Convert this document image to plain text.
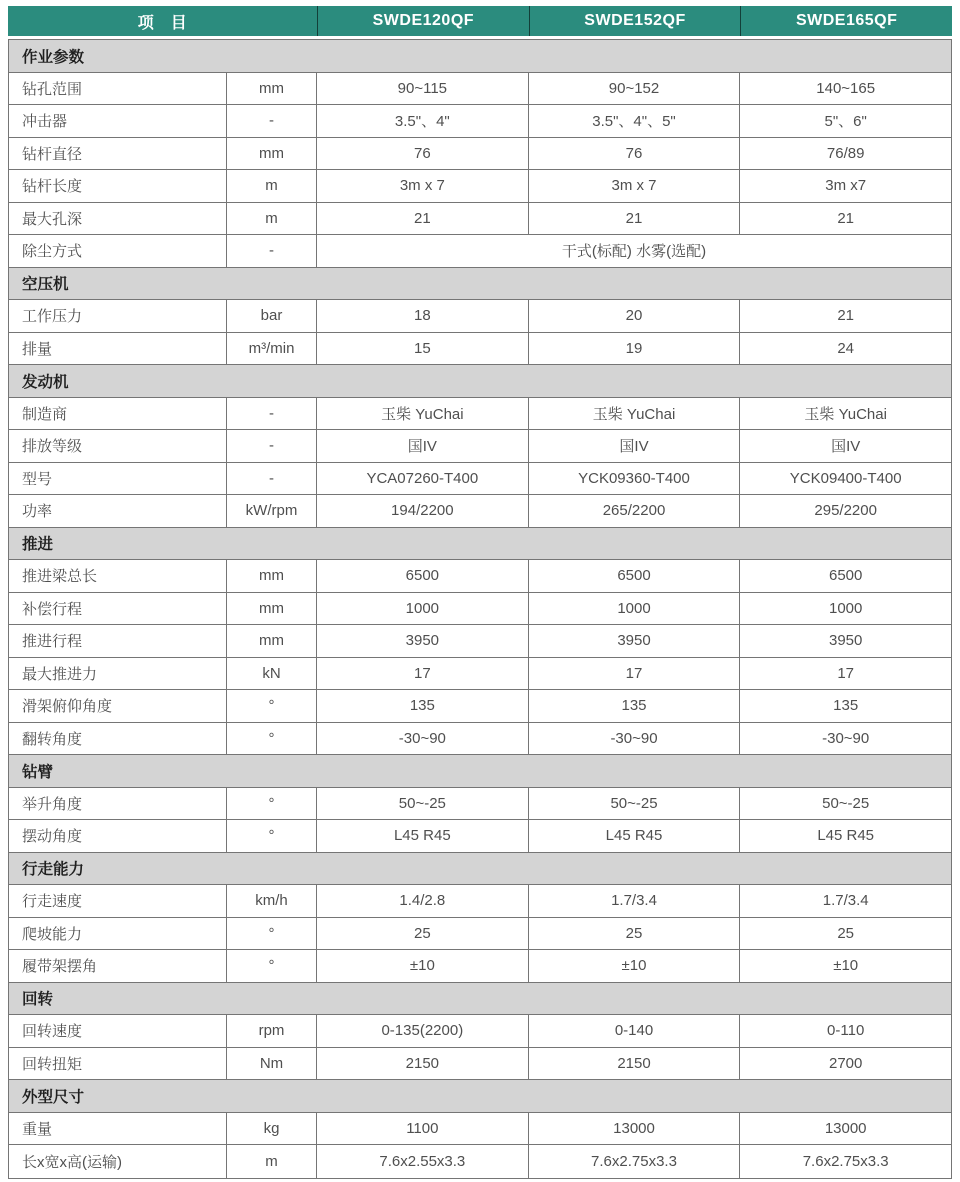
项　目	SWDE120QF	SWDE152QF	SWDE165QF
作业参数
钻孔范围	mm	90~115	90~152	140~165
冲击器	-	3.5"、4"	3.5"、4"、5"	5"、6"
钻杆直径	mm	76	76	76/89
钻杆长度	m	3m x 7	3m x 7	3m x7
最大孔深	m	21	21	21
除尘方式	-	干式(标配) 水雾(选配)
空压机
工作压力	bar	18	20	21
排量	m³/min	15	19	24
发动机
制造商	-	玉柴 YuChai	玉柴 YuChai	玉柴 YuChai
排放等级	-	国IV	国IV	国IV
型号	-	YCA07260-T400	YCK09360-T400	YCK09400-T400
功率	kW/rpm	194/2200	265/2200	295/2200
推进
推进梁总长	mm	6500	6500	6500
补偿行程	mm	1000	1000	1000
推进行程	mm	3950	3950	3950
最大推进力	kN	17	17	17
滑架俯仰角度	°	135	135	135
翻转角度	°	-30~90	-30~90	-30~90
钻臂
举升角度	°	50~-25	50~-25	50~-25
摆动角度	°	L45 R45	L45 R45	L45 R45
行走能力
行走速度	km/h	1.4/2.8	1.7/3.4	1.7/3.4
爬坡能力	°	25	25	25
履带架摆角	°	±10	±10	±10
回转
回转速度	rpm	0-135(2200)	0-140	0-110
回转扭矩	Nm	2150	2150	2700
外型尺寸
重量	kg	1100	13000	13000
长x宽x高(运输)	m	7.6x2.55x3.3	7.6x2.75x3.3	7.6x2.75x3.3
